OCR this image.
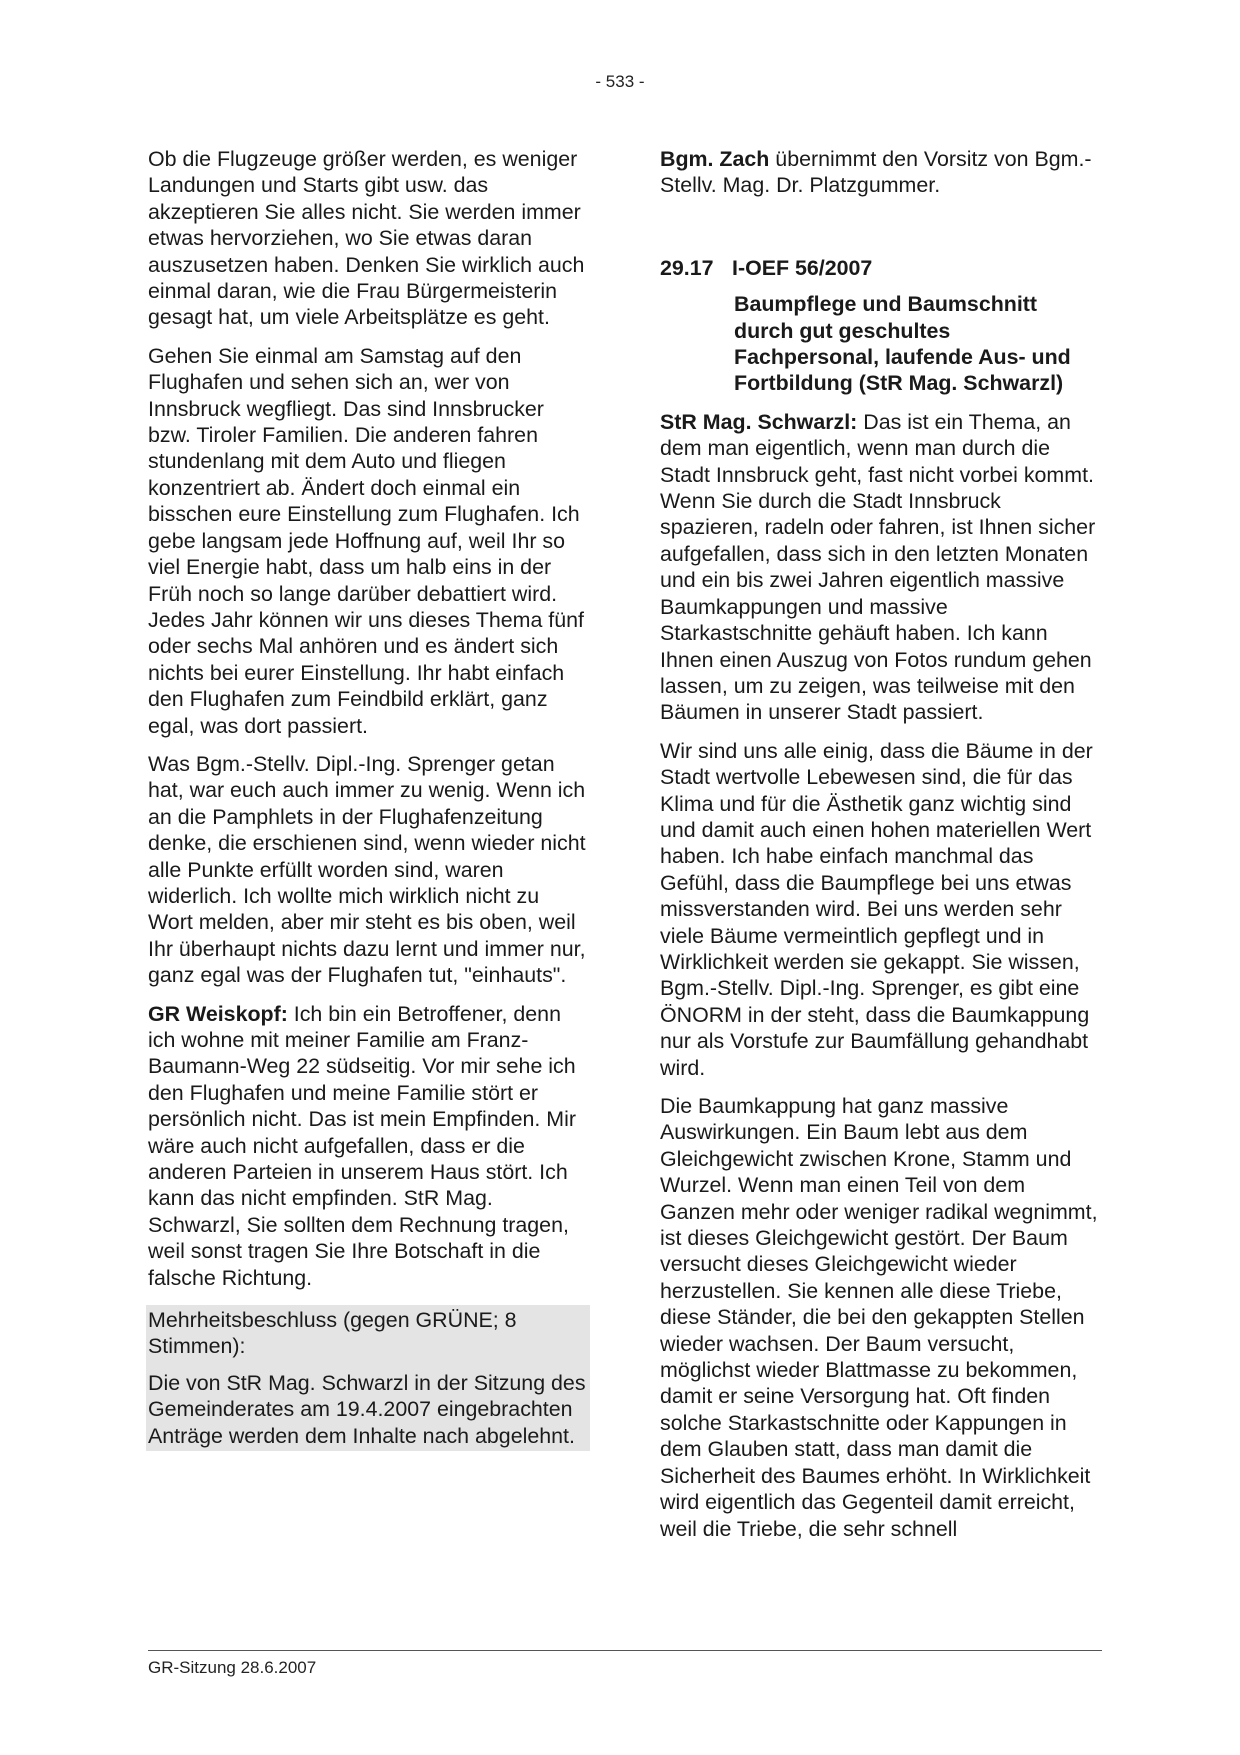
- 533 -

Ob die Flugzeuge größer werden, es weniger Landungen und Starts gibt usw. das akzeptieren Sie alles nicht. Sie werden immer etwas hervorziehen, wo Sie etwas daran auszusetzen haben. Denken Sie wirklich auch einmal daran, wie die Frau Bürgermeisterin gesagt hat, um viele Arbeitsplätze es geht.

Gehen Sie einmal am Samstag auf den Flughafen und sehen sich an, wer von Innsbruck wegfliegt. Das sind Innsbrucker bzw. Tiroler Familien. Die anderen fahren stundenlang mit dem Auto und fliegen konzentriert ab. Ändert doch einmal ein bisschen eure Einstellung zum Flughafen. Ich gebe langsam jede Hoffnung auf, weil Ihr so viel Energie habt, dass um halb eins in der Früh noch so lange darüber debattiert wird. Jedes Jahr können wir uns dieses Thema fünf oder sechs Mal anhören und es ändert sich nichts bei eurer Einstellung. Ihr habt einfach den Flughafen zum Feindbild erklärt, ganz egal, was dort passiert.

Was Bgm.-Stellv. Dipl.-Ing. Sprenger getan hat, war euch auch immer zu wenig. Wenn ich an die Pamphlets in der Flughafenzeitung denke, die erschienen sind, wenn wieder nicht alle Punkte erfüllt worden sind, waren widerlich. Ich wollte mich wirklich nicht zu Wort melden, aber mir steht es bis oben, weil Ihr überhaupt nichts dazu lernt und immer nur, ganz egal was der Flughafen tut, "einhauts".

GR Weiskopf: Ich bin ein Betroffener, denn ich wohne mit meiner Familie am Franz-Baumann-Weg 22 südseitig. Vor mir sehe ich den Flughafen und meine Familie stört er persönlich nicht. Das ist mein Empfinden. Mir wäre auch nicht aufgefallen, dass er die anderen Parteien in unserem Haus stört. Ich kann das nicht empfinden. StR Mag. Schwarzl, Sie sollten dem Rechnung tragen, weil sonst tragen Sie Ihre Botschaft in die falsche Richtung.

Mehrheitsbeschluss (gegen GRÜNE; 8 Stimmen):

Die von StR Mag. Schwarzl in der Sitzung des Gemeinderates am 19.4.2007 eingebrachten Anträge werden dem Inhalte nach abgelehnt.

Bgm. Zach übernimmt den Vorsitz von Bgm.-Stellv. Mag. Dr. Platzgummer.

29.17 I-OEF 56/2007
Baumpflege und Baumschnitt durch gut geschultes Fachpersonal, laufende Aus- und Fortbildung (StR Mag. Schwarzl)

StR Mag. Schwarzl: Das ist ein Thema, an dem man eigentlich, wenn man durch die Stadt Innsbruck geht, fast nicht vorbei kommt. Wenn Sie durch die Stadt Innsbruck spazieren, radeln oder fahren, ist Ihnen sicher aufgefallen, dass sich in den letzten Monaten und ein bis zwei Jahren eigentlich massive Baumkappungen und massive Starkastschnitte gehäuft haben. Ich kann Ihnen einen Auszug von Fotos rundum gehen lassen, um zu zeigen, was teilweise mit den Bäumen in unserer Stadt passiert.

Wir sind uns alle einig, dass die Bäume in der Stadt wertvolle Lebewesen sind, die für das Klima und für die Ästhetik ganz wichtig sind und damit auch einen hohen materiellen Wert haben. Ich habe einfach manchmal das Gefühl, dass die Baumpflege bei uns etwas missverstanden wird. Bei uns werden sehr viele Bäume vermeintlich gepflegt und in Wirklichkeit werden sie gekappt. Sie wissen, Bgm.-Stellv. Dipl.-Ing. Sprenger, es gibt eine ÖNORM in der steht, dass die Baumkappung nur als Vorstufe zur Baumfällung gehandhabt wird.

Die Baumkappung hat ganz massive Auswirkungen. Ein Baum lebt aus dem Gleichgewicht zwischen Krone, Stamm und Wurzel. Wenn man einen Teil von dem Ganzen mehr oder weniger radikal wegnimmt, ist dieses Gleichgewicht gestört. Der Baum versucht dieses Gleichgewicht wieder herzustellen. Sie kennen alle diese Triebe, diese Ständer, die bei den gekappten Stellen wieder wachsen. Der Baum versucht, möglichst wieder Blattmasse zu bekommen, damit er seine Versorgung hat. Oft finden solche Starkastschnitte oder Kappungen in dem Glauben statt, dass man damit die Sicherheit des Baumes erhöht. In Wirklichkeit wird eigentlich das Gegenteil damit erreicht, weil die Triebe, die sehr schnell

GR-Sitzung 28.6.2007
